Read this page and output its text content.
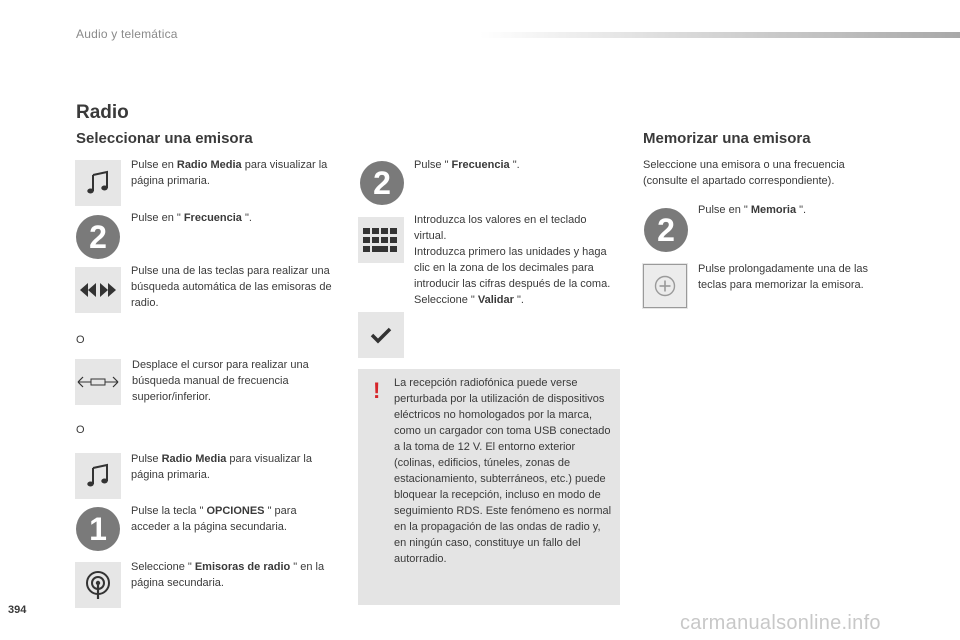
Audio y telemática
Radio
Seleccionar una emisora
Pulse en Radio Media para visualizar la página primaria.
2
Pulse en " Frecuencia ".
Pulse una de las teclas para realizar una búsqueda automática de las emisoras de radio.
O
Desplace el cursor para realizar una búsqueda manual de frecuencia superior/inferior.
O
Pulse Radio Media para visualizar la página primaria.
1	Pulse la tecla " OPCIONES " para acceder a la página secundaria.
Seleccione " Emisoras de radio " en la página secundaria.
2	Pulse " Frecuencia ".
Introduzca los valores en el teclado virtual.
Introduzca primero las unidades y haga clic en la zona de los decimales para introducir las cifras después de la coma.
Seleccione " Validar ".
! La recepción radiofónica puede verse perturbada por la utilización de dispositivos eléctricos no homologados por la marca, como un cargador con toma USB conectado a la toma de 12 V. El entorno exterior (colinas, edificios, túneles, zonas de estacionamiento, subterráneos, etc.) puede bloquear la recepción, incluso en modo de seguimiento RDS. Este fenómeno es normal en la propagación de las ondas de radio y, en ningún caso, constituye un fallo del autorradio.
Memorizar una emisora
Seleccione una emisora o una frecuencia (consulte el apartado correspondiente).
2
Pulse en " Memoria ".
Pulse prolongadamente una de las teclas para memorizar la emisora.
394
carmanualsonline.info
